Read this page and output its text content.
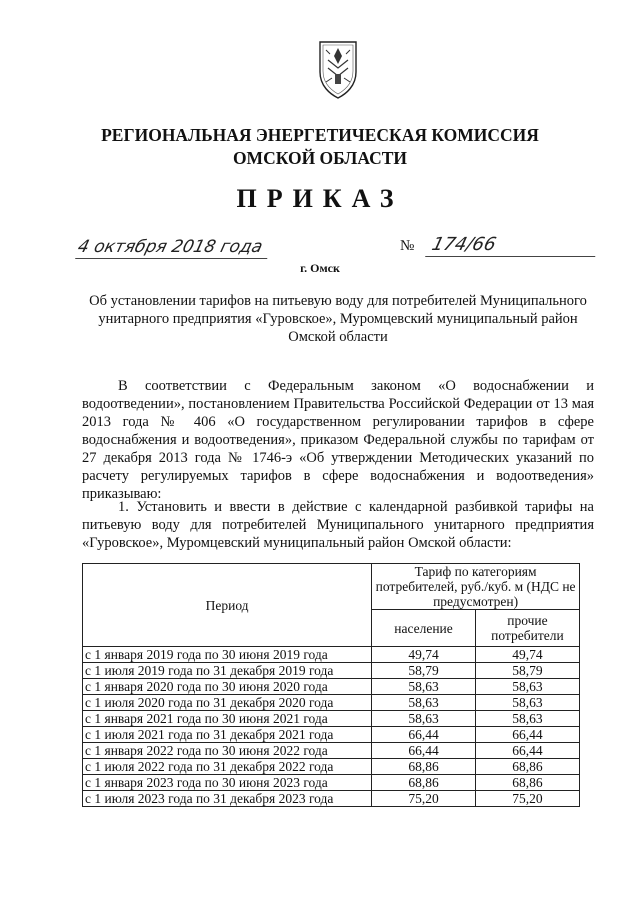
РЕГИОНАЛЬНАЯ ЭНЕРГЕТИЧЕСКАЯ КОМИССИЯ
ОМСКОЙ ОБЛАСТИ
ПРИКАЗ
4 октября 2018 года	№ 174/66
г. Омск
Об установлении тарифов на питьевую воду для потребителей Муниципального унитарного предприятия «Гуровское», Муромцевский муниципальный район Омской области
В соответствии с Федеральным законом «О водоснабжении и водоотведении», постановлением Правительства Российской Федерации от 13 мая 2013 года № 406 «О государственном регулировании тарифов в сфере водоснабжения и водоотведения», приказом Федеральной службы по тарифам от 27 декабря 2013 года № 1746-э «Об утверждении Методических указаний по расчету регулируемых тарифов в сфере водоснабжения и водоотведения» приказываю:
1. Установить и ввести в действие с календарной разбивкой тарифы на питьевую воду для потребителей Муниципального унитарного предприятия «Гуровское», Муромцевский муниципальный район Омской области:
Период	Тариф по категориям потребителей, руб./куб. м (НДС не предусмотрен)	
	население	прочие потребители
с 1 января 2019 года по 30 июня 2019 года	49,74	49,74
с 1 июля 2019 года по 31 декабря 2019 года	58,79	58,79
с 1 января 2020 года по 30 июня 2020 года	58,63	58,63
с 1 июля 2020 года по 31 декабря 2020 года	58,63	58,63
с 1 января 2021 года по 30 июня 2021 года	58,63	58,63
с 1 июля 2021 года по 31 декабря 2021 года	66,44	66,44
с 1 января 2022 года по 30 июня 2022 года	66,44	66,44
с 1 июля 2022 года по 31 декабря 2022 года	68,86	68,86
с 1 января 2023 года по 30 июня 2023 года	68,86	68,86
с 1 июля 2023 года по 31 декабря 2023 года	75,20	75,20
